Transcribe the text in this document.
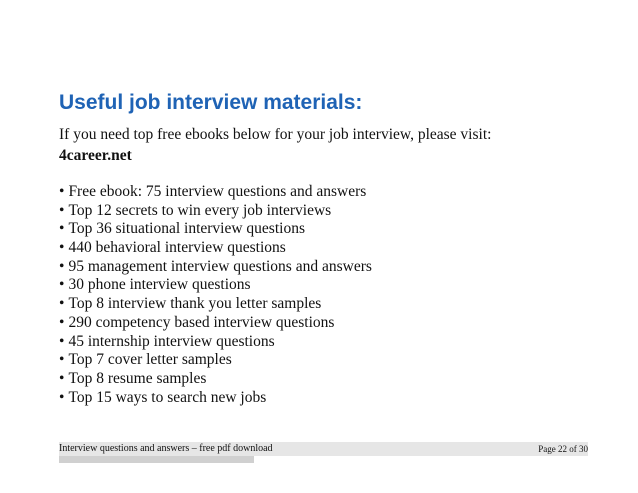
Useful job interview materials:
If you need top free ebooks below for your job interview, please visit:
4career.net
• Free ebook: 75 interview questions and answers
• Top 12 secrets to win every job interviews
• Top 36 situational interview questions
• 440 behavioral interview questions
• 95 management interview questions and answers
• 30 phone interview questions
• Top 8 interview thank you letter samples
• 290 competency based interview questions
• 45 internship interview questions
• Top 7 cover letter samples
• Top 8 resume samples
• Top 15 ways to search new jobs
Interview questions and answers – free pdf download	Page 22 of 30
